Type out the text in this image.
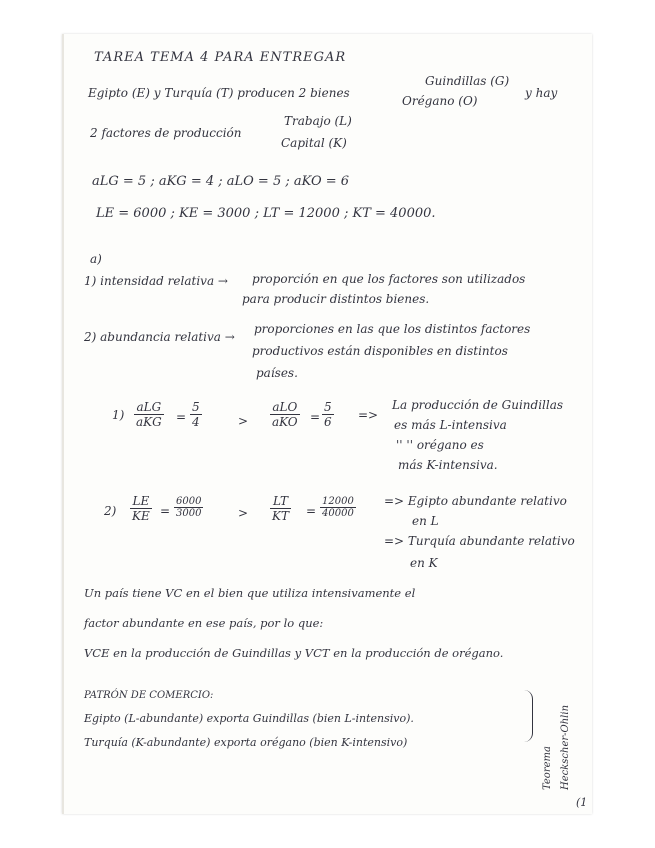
TAREA TEMA 4 PARA ENTREGAR
Egipto (E) y Turquía (T) producen 2 bienes
Guindillas (G)
Orégano (O)
y hay
2 factores de producción
Trabajo (L)
Capital (K)
aLG = 5 ; aKG = 4 ; aLO = 5 ; aKO = 6
LE = 6000 ; KE = 3000 ; LT = 12000 ; KT = 40000.
a)
1) intensidad relativa → proporción en que los factores son utilizados
para producir distintos bienes.
2) abundancia relativa →
proporciones en las que los distintos factores
productivos están disponibles en distintos
países.
1)
aLG
aKG = $\frac{5}{4}$	>
aLO
aKO = $\frac{5}{6}$ =>
La producción de Guindillas
es más L-intensiva
'' '' orégano es
más K-intensiva.
$2) \frac{LE}{KE} = \frac{6000}{3000}$	> $\frac{LT}{KT} = \frac{12000}{40000}$ => Egipto abundante relativo
en L
=> Turquía abundante relativo
en K
Un país tiene VC en el bien que utiliza intensivamente el
factor abundante en ese país, por lo que:
VCE en la producción de Guindillas y VCT en la producción de orégano.
PATRÓN DE COMERCIO:
Egipto (L-abundante) exporta Guindillas (bien L-intensivo).
Turquía (K-abundante) exporta orégano (bien K-intensivo)
Teorema Heckscher-Ohlin
(1
